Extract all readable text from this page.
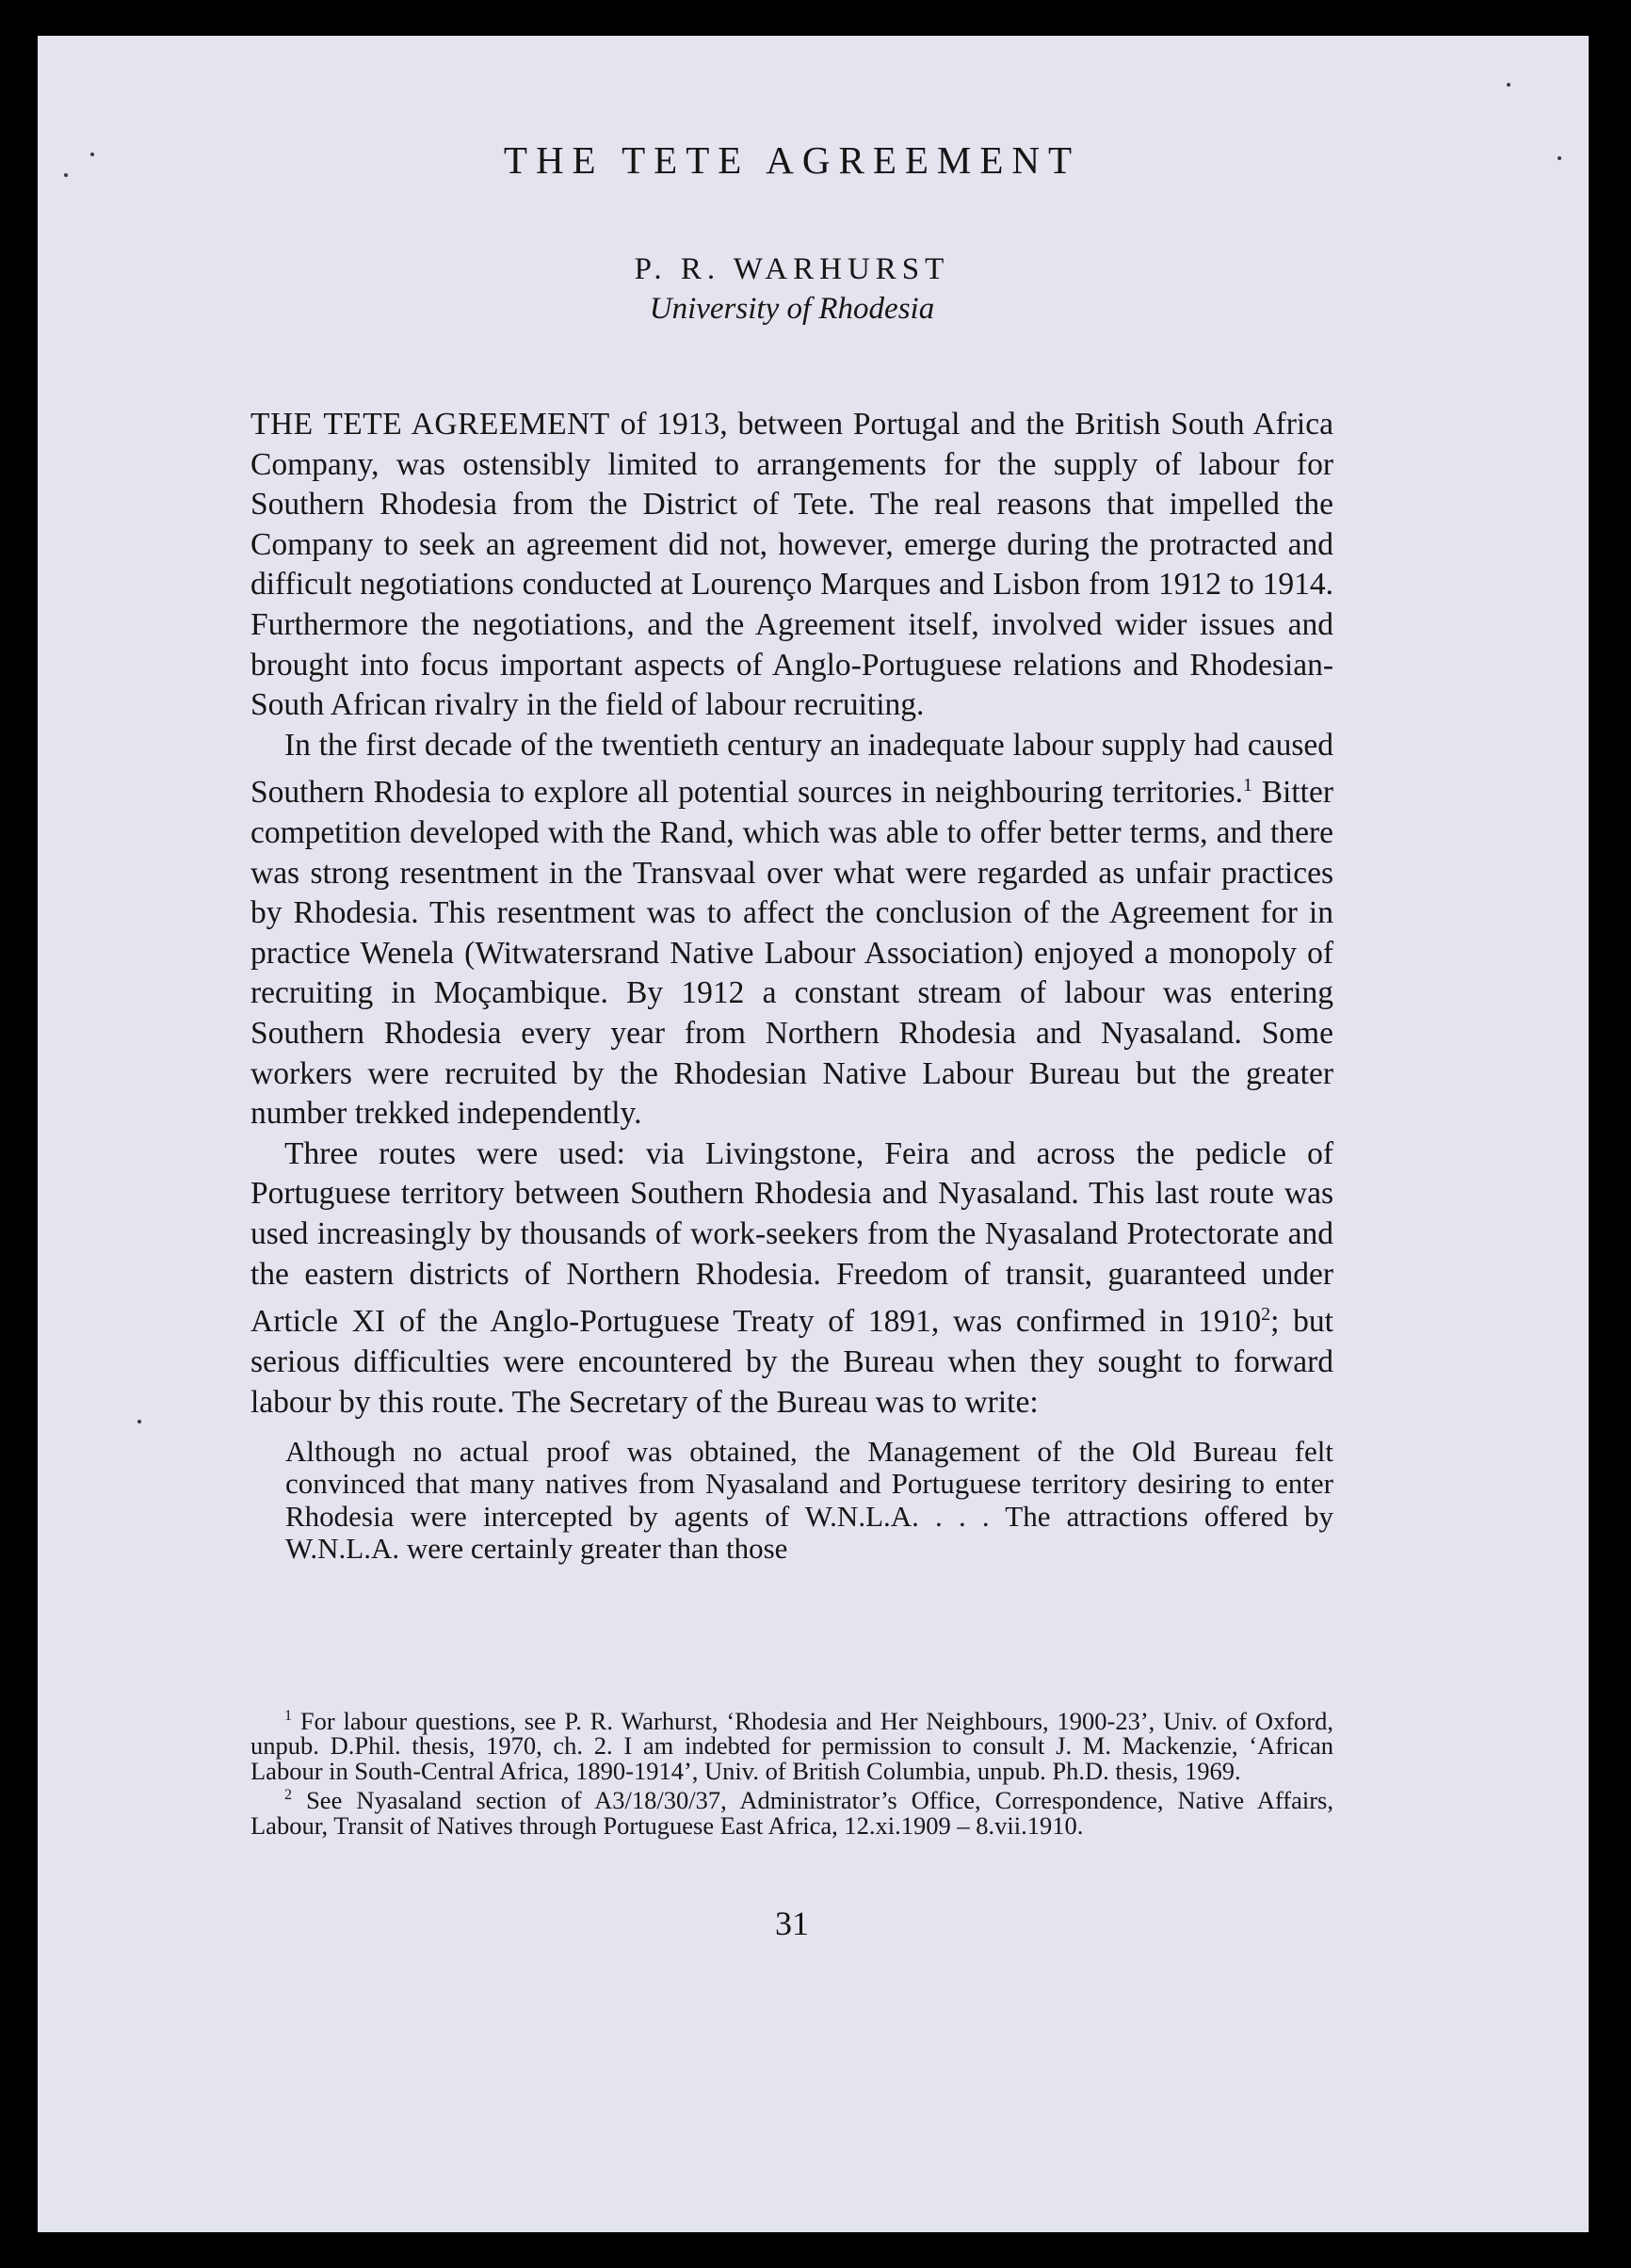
THE TETE AGREEMENT
P. R. WARHURST
University of Rhodesia

THE TETE AGREEMENT of 1913, between Portugal and the British South Africa Company, was ostensibly limited to arrangements for the supply of labour for Southern Rhodesia from the District of Tete. The real reasons that impelled the Company to seek an agreement did not, however, emerge during the protracted and difficult negotiations conducted at Lourenço Marques and Lisbon from 1912 to 1914. Furthermore the negotiations, and the Agreement itself, involved wider issues and brought into focus important aspects of Anglo-Portuguese relations and Rhodesian-South African rivalry in the field of labour recruiting.

In the first decade of the twentieth century an inadequate labour supply had caused Southern Rhodesia to explore all potential sources in neighbouring territories.$^1$ Bitter competition developed with the Rand, which was able to offer better terms, and there was strong resentment in the Transvaal over what were regarded as unfair practices by Rhodesia. This resentment was to affect the conclusion of the Agreement for in practice Wenela (Witwatersrand Native Labour Association) enjoyed a monopoly of recruiting in Moçambique. By 1912 a constant stream of labour was entering Southern Rhodesia every year from Northern Rhodesia and Nyasaland. Some workers were recruited by the Rhodesian Native Labour Bureau but the greater number trekked independently.

Three routes were used: via Livingstone, Feira and across the pedicle of Portuguese territory between Southern Rhodesia and Nyasaland. This last route was used increasingly by thousands of work-seekers from the Nyasaland Protectorate and the eastern districts of Northern Rhodesia. Freedom of transit, guaranteed under Article XI of the Anglo-Portuguese Treaty of 1891, was confirmed in 1910$^2$; but serious difficulties were encountered by the Bureau when they sought to forward labour by this route. The Secretary of the Bureau was to write:

Although no actual proof was obtained, the Management of the Old Bureau felt convinced that many natives from Nyasaland and Portuguese territory desiring to enter Rhodesia were intercepted by agents of W.N.L.A. . . . The attractions offered by W.N.L.A. were certainly greater than those

$^1$ For labour questions, see P. R. Warhurst, ‘Rhodesia and Her Neighbours, 1900-23’, Univ. of Oxford, unpub. D.Phil. thesis, 1970, ch. 2. I am indebted for permission to consult J. M. Mackenzie, ‘African Labour in South-Central Africa, 1890-1914’, Univ. of British Columbia, unpub. Ph.D. thesis, 1969.

$^2$ See Nyasaland section of A3/18/30/37, Administrator’s Office, Correspondence, Native Affairs, Labour, Transit of Natives through Portuguese East Africa, 12.xi.1909 – 8.vii.1910.

31
